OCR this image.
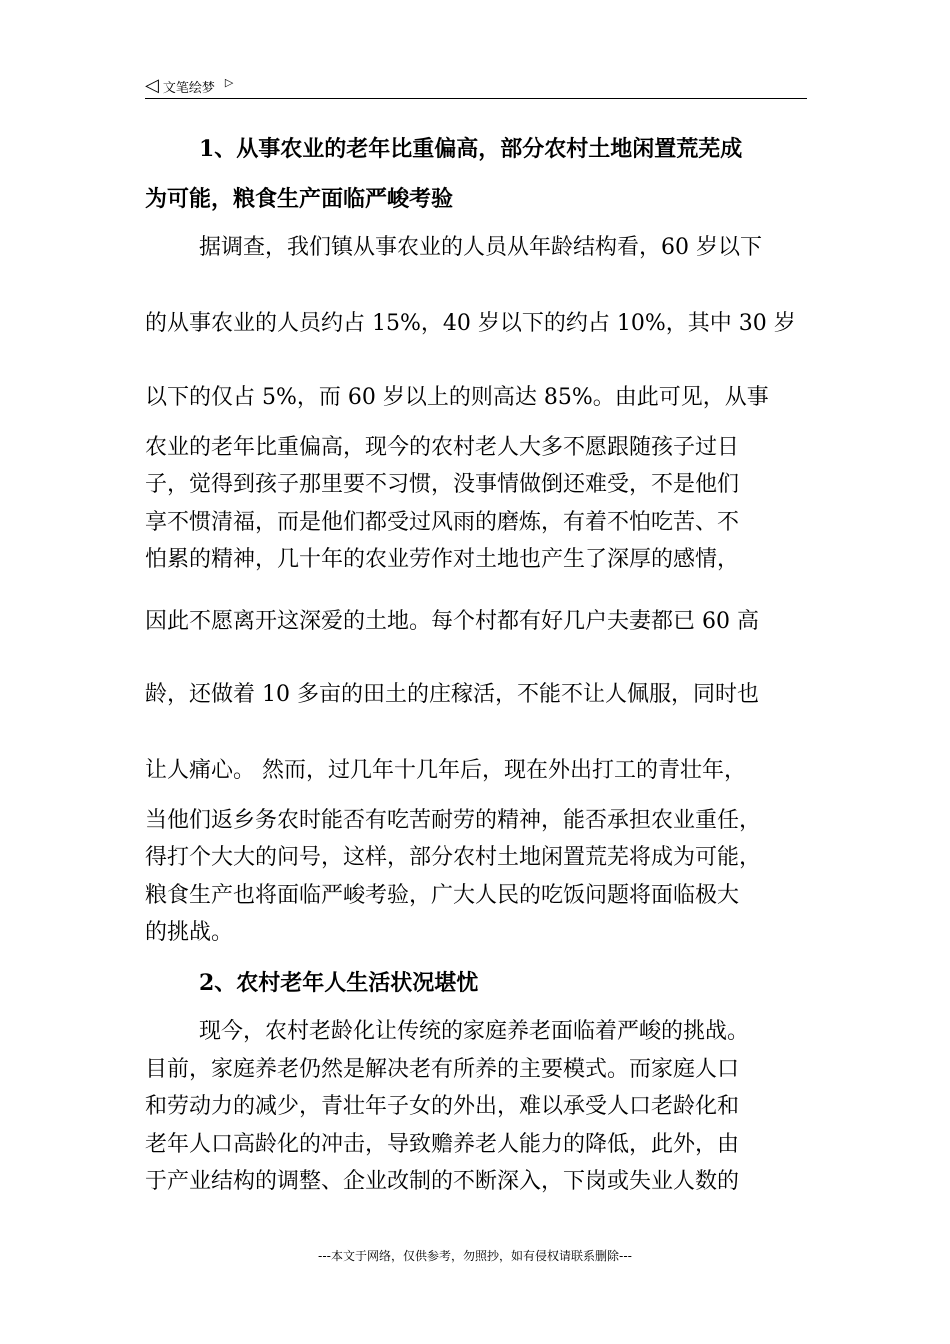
◁ 文笔绘梦 ▷
1、从事农业的老年比重偏高，部分农村土地闲置荒芜成
为可能，粮食生产面临严峻考验
据调查，我们镇从事农业的人员从年龄结构看，60 岁以下
的从事农业的人员约占 15%，40 岁以下的约占 10%，其中 30 岁
以下的仅占 5%，而 60 岁以上的则高达 85%。由此可见，从事
农业的老年比重偏高，现今的农村老人大多不愿跟随孩子过日
子，觉得到孩子那里要不习惯，没事情做倒还难受，不是他们
享不惯清福，而是他们都受过风雨的磨炼，有着不怕吃苦、不
怕累的精神，几十年的农业劳作对土地也产生了深厚的感情，
因此不愿离开这深爱的土地。每个村都有好几户夫妻都已 60 高
龄，还做着 10 多亩的田土的庄稼活，不能不让人佩服，同时也
让人痛心。 然而，过几年十几年后，现在外出打工的青壮年，
当他们返乡务农时能否有吃苦耐劳的精神，能否承担农业重任，
得打个大大的问号，这样，部分农村土地闲置荒芜将成为可能，
粮食生产也将面临严峻考验，广大人民的吃饭问题将面临极大
的挑战。
2、农村老年人生活状况堪忧
现今，农村老龄化让传统的家庭养老面临着严峻的挑战。
目前，家庭养老仍然是解决老有所养的主要模式。而家庭人口
和劳动力的减少，青壮年子女的外出，难以承受人口老龄化和
老年人口高龄化的冲击，导致赡养老人能力的降低，此外，由
于产业结构的调整、企业改制的不断深入，下岗或失业人数的
---本文于网络，仅供参考，勿照抄，如有侵权请联系删除---
